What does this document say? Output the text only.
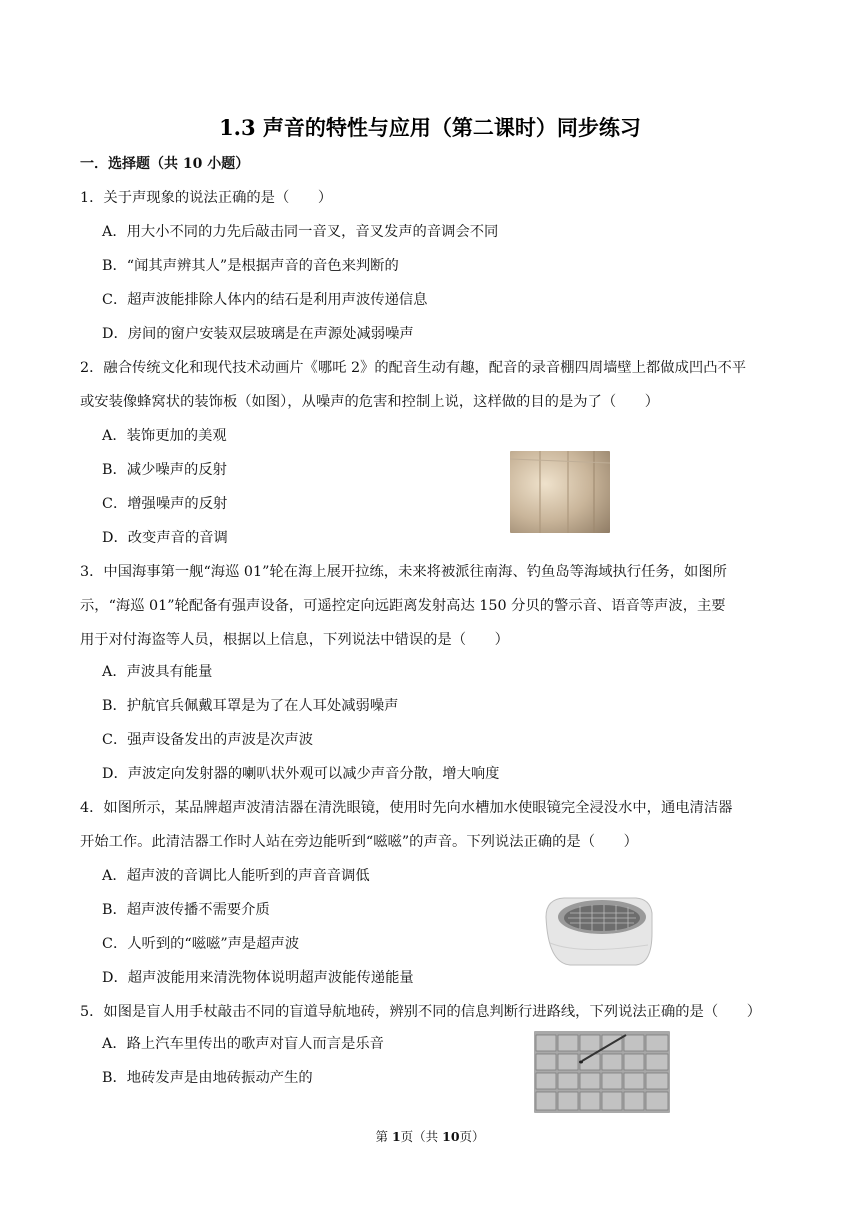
1.3 声音的特性与应用（第二课时）同步练习
一．选择题（共 10 小题）
1．关于声现象的说法正确的是（　　）
A．用大小不同的力先后敲击同一音叉，音叉发声的音调会不同
B．“闻其声辨其人”是根据声音的音色来判断的
C．超声波能排除人体内的结石是利用声波传递信息
D．房间的窗户安装双层玻璃是在声源处减弱噪声
2．融合传统文化和现代技术动画片《哪吒 2》的配音生动有趣，配音的录音棚四周墙壁上都做成凹凸不平
或安装像蜂窝状的装饰板（如图），从噪声的危害和控制上说，这样做的目的是为了（　　）
A．装饰更加的美观
B．减少噪声的反射
C．增强噪声的反射
D．改变声音的音调
3．中国海事第一舰“海巡 01”轮在海上展开拉练，未来将被派往南海、钓鱼岛等海域执行任务，如图所
示，“海巡 01”轮配备有强声设备，可遥控定向远距离发射高达 150 分贝的警示音、语音等声波，主要
用于对付海盗等人员，根据以上信息，下列说法中错误的是（　　）
A．声波具有能量
B．护航官兵佩戴耳罩是为了在人耳处减弱噪声
C．强声设备发出的声波是次声波
D．声波定向发射器的喇叭状外观可以减少声音分散，增大响度
4．如图所示，某品牌超声波清洁器在清洗眼镜，使用时先向水槽加水使眼镜完全浸没水中，通电清洁器
开始工作。此清洁器工作时人站在旁边能听到“嗞嗞”的声音。下列说法正确的是（　　）
A．超声波的音调比人能听到的声音音调低
B．超声波传播不需要介质
C．人听到的“嗞嗞”声是超声波
D．超声波能用来清洗物体说明超声波能传递能量
5．如图是盲人用手杖敲击不同的盲道导航地砖，辨别不同的信息判断行进路线，下列说法正确的是（　　）
A．路上汽车里传出的歌声对盲人而言是乐音
B．地砖发声是由地砖振动产生的
第 1页（共 10页）
